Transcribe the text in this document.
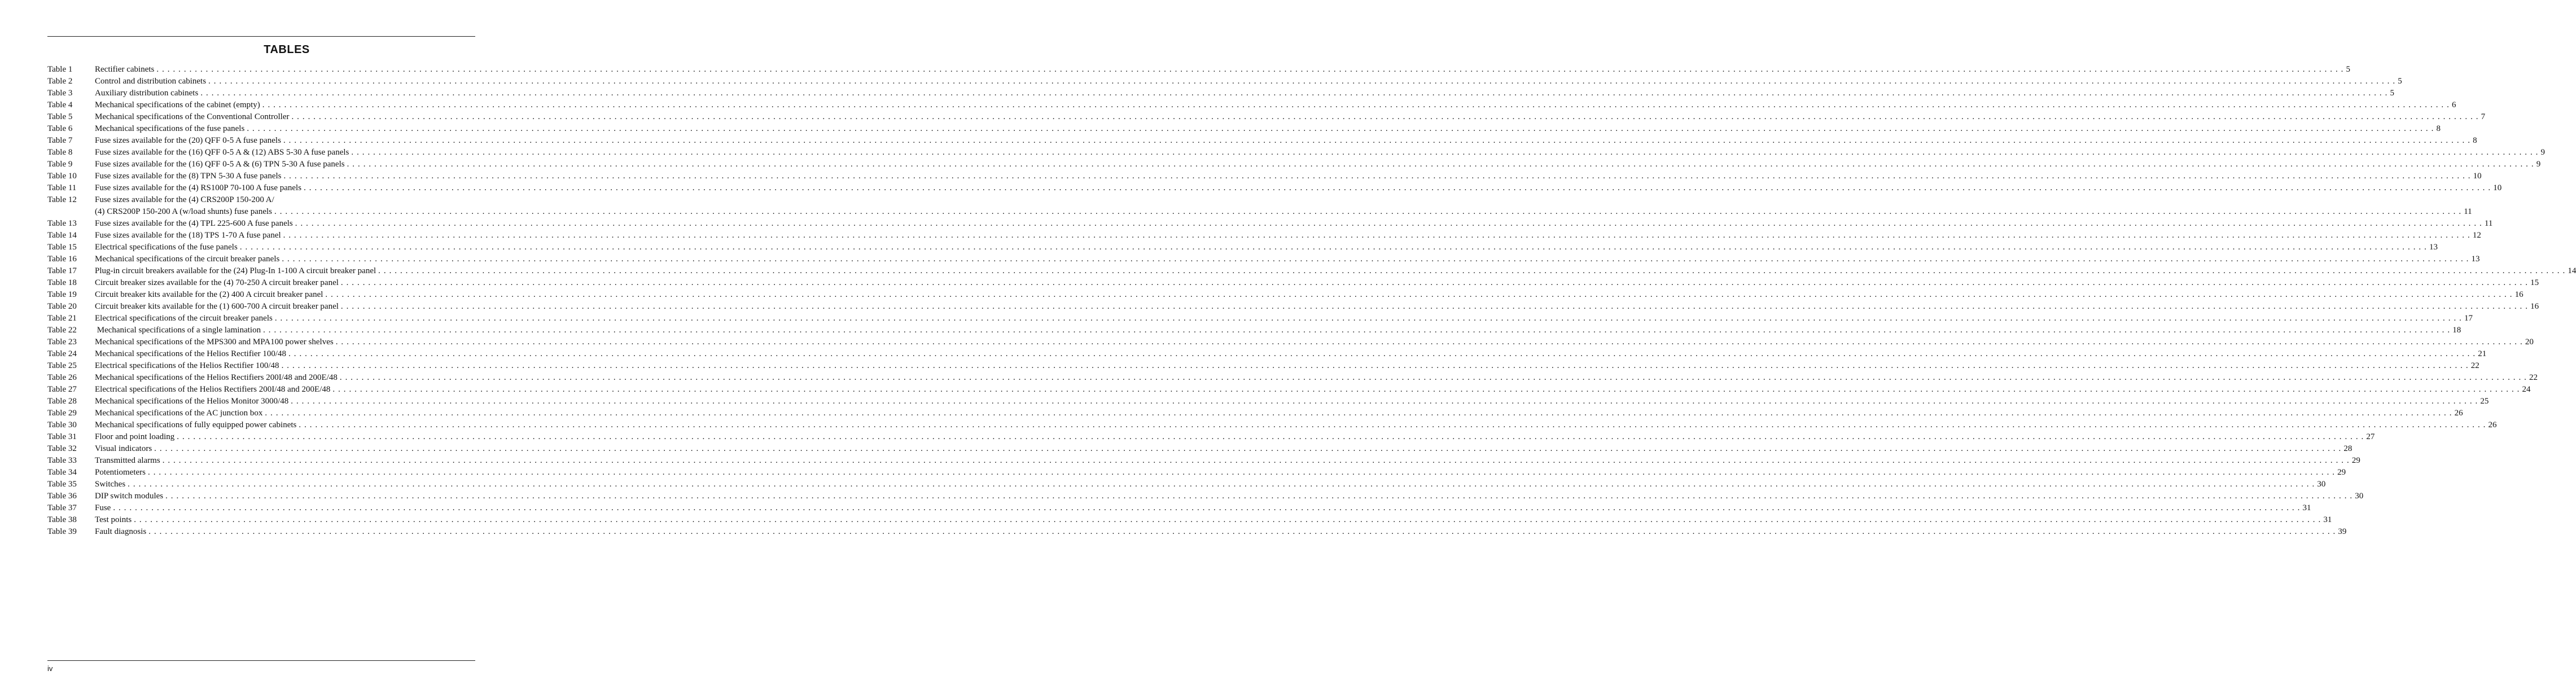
TABLES
Table 1	Rectifier cabinets . . . . . . . . . . . . . . . . . . . . . . . . . . . . . . . . . . . . . . . . . . . . . . . . . . . . . . . . . . . . . . . . . . . . . . . . . . . . . . . . . . . . . . . . . . . . . . . . . . . . . . . . . . . . . . . . . . . . . . . . . . . . . . . . . . . . . . . . . . . . . . . . . . . . . . . . . . . . . . . . . . . . . . . . . . . . . . . . . . . . . . . . . . . . . . . . . . . . . . . . . . . . . . . . . . . . . . . . . . . . . . . . . . . . . . . . . . . . . . . . . . . . . . . . . . . . . . . . . . . . . . . . . . . . . . . . . . . . . . . . . . . . . . . . . . . . . . . . . . . . . . . . . . . . . . . . . . . . . . . . . . . . . . . . . . . . . . . . . . . . . . . . . . . . . . . . . . . . . . . . . . . . . . . . . . . . . . . . . . . . . . . . . . . . . . . . . . . . . . . . 5
Table 2	Control and distribution cabinets . . . . . . . . . . . . . . . . . . . . . . . . . . . . . . . . . . . . . . . . . . . . . . . . . . . . . . . . . . . . . . . . . . . . . . . . . . . . . . . . . . . . . . . . . . . . . . . . . . . . . . . . . . . . . . . . . . . . . . . . . . . . . . . . . . . . . . . . . . . . . . . . . . . . . . . . . . . . . . . . . . . . . . . . . . . . . . . . . . . . . . . . . . . . . . . . . . . . . . . . . . . . . . . . . . . . . . . . . . . . . . . . . . . . . . . . . . . . . . . . . . . . . . . . . . . . . . . . . . . . . . . . . . . . . . . . . . . . . . . . . . . . . . . . . . . . . . . . . . . . . . . . . . . . . . . . . . . . . . . . . . . . . . . . . . . . . . . . . . . . . . . . . . . . . . . . . . . . . . . . . . . . . . . . . . . . . . . . . . . . . . . . . . . . . . . . . . . . . . . . 5
Table 3	Auxiliary distribution cabinets . . . . . . . . . . . . . . . . . . . . . . . . . . . . . . . . . . . . . . . . . . . . . . . . . . . . . . . . . . . . . . . . . . . . . . . . . . . . . . . . . . . . . . . . . . . . . . . . . . . . . . . . . . . . . . . . . . . . . . . . . . . . . . . . . . . . . . . . . . . . . . . . . . . . . . . . . . . . . . . . . . . . . . . . . . . . . . . . . . . . . . . . . . . . . . . . . . . . . . . . . . . . . . . . . . . . . . . . . . . . . . . . . . . . . . . . . . . . . . . . . . . . . . . . . . . . . . . . . . . . . . . . . . . . . . . . . . . . . . . . . . . . . . . . . . . . . . . . . . . . . . . . . . . . . . . . . . . . . . . . . . . . . . . . . . . . . . . . . . . . . . . . . . . . . . . . . . . . . . . . . . . . . . . . . . . . . . . . . . . . . . . . . . . . . . . . . . . . . . . . 5
Table 4	Mechanical specifications of the cabinet (empty) . . . . . . . . . . . . . . . . . . . . . . . . . . . . . . . . . . . . . . . . . . . . . . . . . . . . . . . . . . . . . . . . . . . . . . . . . . . . . . . . . . . . . . . . . . . . . . . . . . . . . . . . . . . . . . . . . . . . . . . . . . . . . . . . . . . . . . . . . . . . . . . . . . . . . . . . . . . . . . . . . . . . . . . . . . . . . . . . . . . . . . . . . . . . . . . . . . . . . . . . . . . . . . . . . . . . . . . . . . . . . . . . . . . . . . . . . . . . . . . . . . . . . . . . . . . . . . . . . . . . . . . . . . . . . . . . . . . . . . . . . . . . . . . . . . . . . . . . . . . . . . . . . . . . . . . . . . . . . . . . . . . . . . . . . . . . . . . . . . . . . . . . . . . . . . . . . . . . . . . . . . . . . . . . . . . . . . . . . . . . . . . . . . . . . . . . . . . . . . . . 6
Table 5	Mechanical specifications of the Conventional Controller . . . . . . . . . . . . . . . . . . . . . . . . . . . . . . . . . . . . . . . . . . . . . . . . . . . . . . . . . . . . . . . . . . . . . . . . . . . . . . . . . . . . . . . . . . . . . . . . . . . . . . . . . . . . . . . . . . . . . . . . . . . . . . . . . . . . . . . . . . . . . . . . . . . . . . . . . . . . . . . . . . . . . . . . . . . . . . . . . . . . . . . . . . . . . . . . . . . . . . . . . . . . . . . . . . . . . . . . . . . . . . . . . . . . . . . . . . . . . . . . . . . . . . . . . . . . . . . . . . . . . . . . . . . . . . . . . . . . . . . . . . . . . . . . . . . . . . . . . . . . . . . . . . . . . . . . . . . . . . . . . . . . . . . . . . . . . . . . . . . . . . . . . . . . . . . . . . . . . . . . . . . . . . . . . . . . . . . . . . . . . . . . . . . . . . . . . . . . . . . . 7
Table 6	Mechanical specifications of the fuse panels . . . . . . . . . . . . . . . . . . . . . . . . . . . . . . . . . . . . . . . . . . . . . . . . . . . . . . . . . . . . . . . . . . . . . . . . . . . . . . . . . . . . . . . . . . . . . . . . . . . . . . . . . . . . . . . . . . . . . . . . . . . . . . . . . . . . . . . . . . . . . . . . . . . . . . . . . . . . . . . . . . . . . . . . . . . . . . . . . . . . . . . . . . . . . . . . . . . . . . . . . . . . . . . . . . . . . . . . . . . . . . . . . . . . . . . . . . . . . . . . . . . . . . . . . . . . . . . . . . . . . . . . . . . . . . . . . . . . . . . . . . . . . . . . . . . . . . . . . . . . . . . . . . . . . . . . . . . . . . . . . . . . . . . . . . . . . . . . . . . . . . . . . . . . . . . . . . . . . . . . . . . . . . . . . . . . . . . . . . . . . . . . . . . . . . . . . . . . . . . . 8
Table 7	Fuse sizes available for the (20) QFF 0-5 A fuse panels . . . . . . . . . . . . . . . . . . . . . . . . . . . . . . . . . . . . . . . . . . . . . . . . . . . . . . . . . . . . . . . . . . . . . . . . . . . . . . . . . . . . . . . . . . . . . . . . . . . . . . . . . . . . . . . . . . . . . . . . . . . . . . . . . . . . . . . . . . . . . . . . . . . . . . . . . . . . . . . . . . . . . . . . . . . . . . . . . . . . . . . . . . . . . . . . . . . . . . . . . . . . . . . . . . . . . . . . . . . . . . . . . . . . . . . . . . . . . . . . . . . . . . . . . . . . . . . . . . . . . . . . . . . . . . . . . . . . . . . . . . . . . . . . . . . . . . . . . . . . . . . . . . . . . . . . . . . . . . . . . . . . . . . . . . . . . . . . . . . . . . . . . . . . . . . . . . . . . . . . . . . . . . . . . . . . . . . . . . . . . . . . . . . . . . . . . . . . . . . . 8
Table 8	Fuse sizes available for the (16) QFF 0-5 A & (12) ABS 5-30 A fuse panels . . . . . . . . . . . . . . . . . . . . . . . . . . . . . . . . . . . . . . . . . . . . . . . . . . . . . . . . . . . . . . . . . . . . . . . . . . . . . . . . . . . . . . . . . . . . . . . . . . . . . . . . . . . . . . . . . . . . . . . . . . . . . . . . . . . . . . . . . . . . . . . . . . . . . . . . . . . . . . . . . . . . . . . . . . . . . . . . . . . . . . . . . . . . . . . . . . . . . . . . . . . . . . . . . . . . . . . . . . . . . . . . . . . . . . . . . . . . . . . . . . . . . . . . . . . . . . . . . . . . . . . . . . . . . . . . . . . . . . . . . . . . . . . . . . . . . . . . . . . . . . . . . . . . . . . . . . . . . . . . . . . . . . . . . . . . . . . . . . . . . . . . . . . . . . . . . . . . . . . . . . . . . . . . . . . . . . . . . . . . . . . . . . . . . . . . . . . . . . . . 9
Table 9	Fuse sizes available for the (16) QFF 0-5 A & (6) TPN 5-30 A fuse panels . . . . . . . . . . . . . . . . . . . . . . . . . . . . . . . . . . . . . . . . . . . . . . . . . . . . . . . . . . . . . . . . . . . . . . . . . . . . . . . . . . . . . . . . . . . . . . . . . . . . . . . . . . . . . . . . . . . . . . . . . . . . . . . . . . . . . . . . . . . . . . . . . . . . . . . . . . . . . . . . . . . . . . . . . . . . . . . . . . . . . . . . . . . . . . . . . . . . . . . . . . . . . . . . . . . . . . . . . . . . . . . . . . . . . . . . . . . . . . . . . . . . . . . . . . . . . . . . . . . . . . . . . . . . . . . . . . . . . . . . . . . . . . . . . . . . . . . . . . . . . . . . . . . . . . . . . . . . . . . . . . . . . . . . . . . . . . . . . . . . . . . . . . . . . . . . . . . . . . . . . . . . . . . . . . . . . . . . . . . . . . . . . . . . . . . . . . . . . . . . 9
Table 10	Fuse sizes available for the (8) TPN 5-30 A fuse panels . . . . . . . . . . . . . . . . . . . . . . . . . . . . . . . . . . . . . . . . . . . . . . . . . . . . . . . . . . . . . . . . . . . . . . . . . . . . . . . . . . . . . . . . . . . . . . . . . . . . . . . . . . . . . . . . . . . . . . . . . . . . . . . . . . . . . . . . . . . . . . . . . . . . . . . . . . . . . . . . . . . . . . . . . . . . . . . . . . . . . . . . . . . . . . . . . . . . . . . . . . . . . . . . . . . . . . . . . . . . . . . . . . . . . . . . . . . . . . . . . . . . . . . . . . . . . . . . . . . . . . . . . . . . . . . . . . . . . . . . . . . . . . . . . . . . . . . . . . . . . . . . . . . . . . . . . . . . . . . . . . . . . . . . . . . . . . . . . . . . . . . . . . . . . . . . . . . . . . . . . . . . . . . . . . . . . . . . . . . . . . . . . . . . . . . . . . . . . . . . 10
Table 11	Fuse sizes available for the (4) RS100P 70-100 A fuse panels . . . . . . . . . . . . . . . . . . . . . . . . . . . . . . . . . . . . . . . . . . . . . . . . . . . . . . . . . . . . . . . . . . . . . . . . . . . . . . . . . . . . . . . . . . . . . . . . . . . . . . . . . . . . . . . . . . . . . . . . . . . . . . . . . . . . . . . . . . . . . . . . . . . . . . . . . . . . . . . . . . . . . . . . . . . . . . . . . . . . . . . . . . . . . . . . . . . . . . . . . . . . . . . . . . . . . . . . . . . . . . . . . . . . . . . . . . . . . . . . . . . . . . . . . . . . . . . . . . . . . . . . . . . . . . . . . . . . . . . . . . . . . . . . . . . . . . . . . . . . . . . . . . . . . . . . . . . . . . . . . . . . . . . . . . . . . . . . . . . . . . . . . . . . . . . . . . . . . . . . . . . . . . . . . . . . . . . . . . . . . . . . . . . . . . . . . . . . . . . . 10
Table 12	Fuse sizes available for the (4) CRS200P 150-200 A/
(4) CRS200P 150-200 A (w/load shunts) fuse panels . . . . . . . . . . . . . . . . . . . . . . . . . . . . . . . . . . . . . . . . . . . . . . . . . . . . . . . . . . . . . . . . . . . . . . . . . . . . . . . . . . . . . . . . . . . . . . . . . . . . . . . . . . . . . . . . . . . . . . . . . . . . . . . . . . . . . . . . . . . . . . . . . . . . . . . . . . . . . . . . . . . . . . . . . . . . . . . . . . . . . . . . . . . . . . . . . . . . . . . . . . . . . . . . . . . . . . . . . . . . . . . . . . . . . . . . . . . . . . . . . . . . . . . . . . . . . . . . . . . . . . . . . . . . . . . . . . . . . . . . . . . . . . . . . . . . . . . . . . . . . . . . . . . . . . . . . . . . . . . . . . . . . . . . . . . . . . . . . . . . . . . . . . . . . . . . . . . . . . . . . . . . . . . . . . . . . . . . . . . . . . . . . . . . . . . . . . . . . . . . 11
Table 13	Fuse sizes available for the (4) TPL 225-600 A fuse panels . . . . . . . . . . . . . . . . . . . . . . . . . . . . . . . . . . . . . . . . . . . . . . . . . . . . . . . . . . . . . . . . . . . . . . . . . . . . . . . . . . . . . . . . . . . . . . . . . . . . . . . . . . . . . . . . . . . . . . . . . . . . . . . . . . . . . . . . . . . . . . . . . . . . . . . . . . . . . . . . . . . . . . . . . . . . . . . . . . . . . . . . . . . . . . . . . . . . . . . . . . . . . . . . . . . . . . . . . . . . . . . . . . . . . . . . . . . . . . . . . . . . . . . . . . . . . . . . . . . . . . . . . . . . . . . . . . . . . . . . . . . . . . . . . . . . . . . . . . . . . . . . . . . . . . . . . . . . . . . . . . . . . . . . . . . . . . . . . . . . . . . . . . . . . . . . . . . . . . . . . . . . . . . . . . . . . . . . . . . . . . . . . . . . . . . . . . . . . . . . 11
Table 14	Fuse sizes available for the (18) TPS 1-70 A fuse panel . . . . . . . . . . . . . . . . . . . . . . . . . . . . . . . . . . . . . . . . . . . . . . . . . . . . . . . . . . . . . . . . . . . . . . . . . . . . . . . . . . . . . . . . . . . . . . . . . . . . . . . . . . . . . . . . . . . . . . . . . . . . . . . . . . . . . . . . . . . . . . . . . . . . . . . . . . . . . . . . . . . . . . . . . . . . . . . . . . . . . . . . . . . . . . . . . . . . . . . . . . . . . . . . . . . . . . . . . . . . . . . . . . . . . . . . . . . . . . . . . . . . . . . . . . . . . . . . . . . . . . . . . . . . . . . . . . . . . . . . . . . . . . . . . . . . . . . . . . . . . . . . . . . . . . . . . . . . . . . . . . . . . . . . . . . . . . . . . . . . . . . . . . . . . . . . . . . . . . . . . . . . . . . . . . . . . . . . . . . . . . . . . . . . . . . . . . . . . . . . 12
Table 15	Electrical specifications of the fuse panels . . . . . . . . . . . . . . . . . . . . . . . . . . . . . . . . . . . . . . . . . . . . . . . . . . . . . . . . . . . . . . . . . . . . . . . . . . . . . . . . . . . . . . . . . . . . . . . . . . . . . . . . . . . . . . . . . . . . . . . . . . . . . . . . . . . . . . . . . . . . . . . . . . . . . . . . . . . . . . . . . . . . . . . . . . . . . . . . . . . . . . . . . . . . . . . . . . . . . . . . . . . . . . . . . . . . . . . . . . . . . . . . . . . . . . . . . . . . . . . . . . . . . . . . . . . . . . . . . . . . . . . . . . . . . . . . . . . . . . . . . . . . . . . . . . . . . . . . . . . . . . . . . . . . . . . . . . . . . . . . . . . . . . . . . . . . . . . . . . . . . . . . . . . . . . . . . . . . . . . . . . . . . . . . . . . . . . . . . . . . . . . . . . . . . . . . . . . . . . . . 13
Table 16	Mechanical specifications of the circuit breaker panels . . . . . . . . . . . . . . . . . . . . . . . . . . . . . . . . . . . . . . . . . . . . . . . . . . . . . . . . . . . . . . . . . . . . . . . . . . . . . . . . . . . . . . . . . . . . . . . . . . . . . . . . . . . . . . . . . . . . . . . . . . . . . . . . . . . . . . . . . . . . . . . . . . . . . . . . . . . . . . . . . . . . . . . . . . . . . . . . . . . . . . . . . . . . . . . . . . . . . . . . . . . . . . . . . . . . . . . . . . . . . . . . . . . . . . . . . . . . . . . . . . . . . . . . . . . . . . . . . . . . . . . . . . . . . . . . . . . . . . . . . . . . . . . . . . . . . . . . . . . . . . . . . . . . . . . . . . . . . . . . . . . . . . . . . . . . . . . . . . . . . . . . . . . . . . . . . . . . . . . . . . . . . . . . . . . . . . . . . . . . . . . . . . . . . . . . . . . . . . . . 13
Table 17	Plug-in circuit breakers available for the (24) Plug-In 1-100 A circuit breaker panel . . . . . . . . . . . . . . . . . . . . . . . . . . . . . . . . . . . . . . . . . . . . . . . . . . . . . . . . . . . . . . . . . . . . . . . . . . . . . . . . . . . . . . . . . . . . . . . . . . . . . . . . . . . . . . . . . . . . . . . . . . . . . . . . . . . . . . . . . . . . . . . . . . . . . . . . . . . . . . . . . . . . . . . . . . . . . . . . . . . . . . . . . . . . . . . . . . . . . . . . . . . . . . . . . . . . . . . . . . . . . . . . . . . . . . . . . . . . . . . . . . . . . . . . . . . . . . . . . . . . . . . . . . . . . . . . . . . . . . . . . . . . . . . . . . . . . . . . . . . . . . . . . . . . . . . . . . . . . . . . . . . . . . . . . . . . . . . . . . . . . . . . . . . . . . . . . . . . . . . . . . . . . . . . . . . . . . . . . . . . . . . . . . . . . . . . . . . . . . . . 14
Table 18	Circuit breaker sizes available for the (4) 70-250 A circuit breaker panel . . . . . . . . . . . . . . . . . . . . . . . . . . . . . . . . . . . . . . . . . . . . . . . . . . . . . . . . . . . . . . . . . . . . . . . . . . . . . . . . . . . . . . . . . . . . . . . . . . . . . . . . . . . . . . . . . . . . . . . . . . . . . . . . . . . . . . . . . . . . . . . . . . . . . . . . . . . . . . . . . . . . . . . . . . . . . . . . . . . . . . . . . . . . . . . . . . . . . . . . . . . . . . . . . . . . . . . . . . . . . . . . . . . . . . . . . . . . . . . . . . . . . . . . . . . . . . . . . . . . . . . . . . . . . . . . . . . . . . . . . . . . . . . . . . . . . . . . . . . . . . . . . . . . . . . . . . . . . . . . . . . . . . . . . . . . . . . . . . . . . . . . . . . . . . . . . . . . . . . . . . . . . . . . . . . . . . . . . . . . . . . . . . . . . . . . . . . . . . . . 15
Table 19	Circuit breaker kits available for the (2) 400 A circuit breaker panel . . . . . . . . . . . . . . . . . . . . . . . . . . . . . . . . . . . . . . . . . . . . . . . . . . . . . . . . . . . . . . . . . . . . . . . . . . . . . . . . . . . . . . . . . . . . . . . . . . . . . . . . . . . . . . . . . . . . . . . . . . . . . . . . . . . . . . . . . . . . . . . . . . . . . . . . . . . . . . . . . . . . . . . . . . . . . . . . . . . . . . . . . . . . . . . . . . . . . . . . . . . . . . . . . . . . . . . . . . . . . . . . . . . . . . . . . . . . . . . . . . . . . . . . . . . . . . . . . . . . . . . . . . . . . . . . . . . . . . . . . . . . . . . . . . . . . . . . . . . . . . . . . . . . . . . . . . . . . . . . . . . . . . . . . . . . . . . . . . . . . . . . . . . . . . . . . . . . . . . . . . . . . . . . . . . . . . . . . . . . . . . . . . . . . . . . . . . . . . . . 16
Table 20	Circuit breaker kits available for the (1) 600-700 A circuit breaker panel . . . . . . . . . . . . . . . . . . . . . . . . . . . . . . . . . . . . . . . . . . . . . . . . . . . . . . . . . . . . . . . . . . . . . . . . . . . . . . . . . . . . . . . . . . . . . . . . . . . . . . . . . . . . . . . . . . . . . . . . . . . . . . . . . . . . . . . . . . . . . . . . . . . . . . . . . . . . . . . . . . . . . . . . . . . . . . . . . . . . . . . . . . . . . . . . . . . . . . . . . . . . . . . . . . . . . . . . . . . . . . . . . . . . . . . . . . . . . . . . . . . . . . . . . . . . . . . . . . . . . . . . . . . . . . . . . . . . . . . . . . . . . . . . . . . . . . . . . . . . . . . . . . . . . . . . . . . . . . . . . . . . . . . . . . . . . . . . . . . . . . . . . . . . . . . . . . . . . . . . . . . . . . . . . . . . . . . . . . . . . . . . . . . . . . . . . . . . . . . . 16
Table 21	Electrical specifications of the circuit breaker panels . . . . . . . . . . . . . . . . . . . . . . . . . . . . . . . . . . . . . . . . . . . . . . . . . . . . . . . . . . . . . . . . . . . . . . . . . . . . . . . . . . . . . . . . . . . . . . . . . . . . . . . . . . . . . . . . . . . . . . . . . . . . . . . . . . . . . . . . . . . . . . . . . . . . . . . . . . . . . . . . . . . . . . . . . . . . . . . . . . . . . . . . . . . . . . . . . . . . . . . . . . . . . . . . . . . . . . . . . . . . . . . . . . . . . . . . . . . . . . . . . . . . . . . . . . . . . . . . . . . . . . . . . . . . . . . . . . . . . . . . . . . . . . . . . . . . . . . . . . . . . . . . . . . . . . . . . . . . . . . . . . . . . . . . . . . . . . . . . . . . . . . . . . . . . . . . . . . . . . . . . . . . . . . . . . . . . . . . . . . . . . . . . . . . . . . . . . . . . . . . 17
Table 22	Mechanical specifications of a single lamination . . . . . . . . . . . . . . . . . . . . . . . . . . . . . . . . . . . . . . . . . . . . . . . . . . . . . . . . . . . . . . . . . . . . . . . . . . . . . . . . . . . . . . . . . . . . . . . . . . . . . . . . . . . . . . . . . . . . . . . . . . . . . . . . . . . . . . . . . . . . . . . . . . . . . . . . . . . . . . . . . . . . . . . . . . . . . . . . . . . . . . . . . . . . . . . . . . . . . . . . . . . . . . . . . . . . . . . . . . . . . . . . . . . . . . . . . . . . . . . . . . . . . . . . . . . . . . . . . . . . . . . . . . . . . . . . . . . . . . . . . . . . . . . . . . . . . . . . . . . . . . . . . . . . . . . . . . . . . . . . . . . . . . . . . . . . . . . . . . . . . . . . . . . . . . . . . . . . . . . . . . . . . . . . . . . . . . . . . . . . . . . . . . . . . . . . . . . . . . . . 18
Table 23	Mechanical specifications of the MPS300 and MPA100 power shelves . . . . . . . . . . . . . . . . . . . . . . . . . . . . . . . . . . . . . . . . . . . . . . . . . . . . . . . . . . . . . . . . . . . . . . . . . . . . . . . . . . . . . . . . . . . . . . . . . . . . . . . . . . . . . . . . . . . . . . . . . . . . . . . . . . . . . . . . . . . . . . . . . . . . . . . . . . . . . . . . . . . . . . . . . . . . . . . . . . . . . . . . . . . . . . . . . . . . . . . . . . . . . . . . . . . . . . . . . . . . . . . . . . . . . . . . . . . . . . . . . . . . . . . . . . . . . . . . . . . . . . . . . . . . . . . . . . . . . . . . . . . . . . . . . . . . . . . . . . . . . . . . . . . . . . . . . . . . . . . . . . . . . . . . . . . . . . . . . . . . . . . . . . . . . . . . . . . . . . . . . . . . . . . . . . . . . . . . . . . . . . . . . . . . . . . . . . . . . . . . 20
Table 24	Mechanical specifications of the Helios Rectifier 100/48 . . . . . . . . . . . . . . . . . . . . . . . . . . . . . . . . . . . . . . . . . . . . . . . . . . . . . . . . . . . . . . . . . . . . . . . . . . . . . . . . . . . . . . . . . . . . . . . . . . . . . . . . . . . . . . . . . . . . . . . . . . . . . . . . . . . . . . . . . . . . . . . . . . . . . . . . . . . . . . . . . . . . . . . . . . . . . . . . . . . . . . . . . . . . . . . . . . . . . . . . . . . . . . . . . . . . . . . . . . . . . . . . . . . . . . . . . . . . . . . . . . . . . . . . . . . . . . . . . . . . . . . . . . . . . . . . . . . . . . . . . . . . . . . . . . . . . . . . . . . . . . . . . . . . . . . . . . . . . . . . . . . . . . . . . . . . . . . . . . . . . . . . . . . . . . . . . . . . . . . . . . . . . . . . . . . . . . . . . . . . . . . . . . . . . . . . . . . . . . . . 21
Table 25	Electrical specifications of the Helios Rectifier 100/48 . . . . . . . . . . . . . . . . . . . . . . . . . . . . . . . . . . . . . . . . . . . . . . . . . . . . . . . . . . . . . . . . . . . . . . . . . . . . . . . . . . . . . . . . . . . . . . . . . . . . . . . . . . . . . . . . . . . . . . . . . . . . . . . . . . . . . . . . . . . . . . . . . . . . . . . . . . . . . . . . . . . . . . . . . . . . . . . . . . . . . . . . . . . . . . . . . . . . . . . . . . . . . . . . . . . . . . . . . . . . . . . . . . . . . . . . . . . . . . . . . . . . . . . . . . . . . . . . . . . . . . . . . . . . . . . . . . . . . . . . . . . . . . . . . . . . . . . . . . . . . . . . . . . . . . . . . . . . . . . . . . . . . . . . . . . . . . . . . . . . . . . . . . . . . . . . . . . . . . . . . . . . . . . . . . . . . . . . . . . . . . . . . . . . . . . . . . . . . . . . 22
Table 26	Mechanical specifications of the Helios Rectifiers 200I/48 and 200E/48 . . . . . . . . . . . . . . . . . . . . . . . . . . . . . . . . . . . . . . . . . . . . . . . . . . . . . . . . . . . . . . . . . . . . . . . . . . . . . . . . . . . . . . . . . . . . . . . . . . . . . . . . . . . . . . . . . . . . . . . . . . . . . . . . . . . . . . . . . . . . . . . . . . . . . . . . . . . . . . . . . . . . . . . . . . . . . . . . . . . . . . . . . . . . . . . . . . . . . . . . . . . . . . . . . . . . . . . . . . . . . . . . . . . . . . . . . . . . . . . . . . . . . . . . . . . . . . . . . . . . . . . . . . . . . . . . . . . . . . . . . . . . . . . . . . . . . . . . . . . . . . . . . . . . . . . . . . . . . . . . . . . . . . . . . . . . . . . . . . . . . . . . . . . . . . . . . . . . . . . . . . . . . . . . . . . . . . . . . . . . . . . . . . . . . . . . . . . . . . . . 22
Table 27	Electrical specifications of the Helios Rectifiers 200I/48 and 200E/48 . . . . . . . . . . . . . . . . . . . . . . . . . . . . . . . . . . . . . . . . . . . . . . . . . . . . . . . . . . . . . . . . . . . . . . . . . . . . . . . . . . . . . . . . . . . . . . . . . . . . . . . . . . . . . . . . . . . . . . . . . . . . . . . . . . . . . . . . . . . . . . . . . . . . . . . . . . . . . . . . . . . . . . . . . . . . . . . . . . . . . . . . . . . . . . . . . . . . . . . . . . . . . . . . . . . . . . . . . . . . . . . . . . . . . . . . . . . . . . . . . . . . . . . . . . . . . . . . . . . . . . . . . . . . . . . . . . . . . . . . . . . . . . . . . . . . . . . . . . . . . . . . . . . . . . . . . . . . . . . . . . . . . . . . . . . . . . . . . . . . . . . . . . . . . . . . . . . . . . . . . . . . . . . . . . . . . . . . . . . . . . . . . . . . . . . . . . . . . . . . 24
Table 28	Mechanical specifications of the Helios Monitor 3000/48 . . . . . . . . . . . . . . . . . . . . . . . . . . . . . . . . . . . . . . . . . . . . . . . . . . . . . . . . . . . . . . . . . . . . . . . . . . . . . . . . . . . . . . . . . . . . . . . . . . . . . . . . . . . . . . . . . . . . . . . . . . . . . . . . . . . . . . . . . . . . . . . . . . . . . . . . . . . . . . . . . . . . . . . . . . . . . . . . . . . . . . . . . . . . . . . . . . . . . . . . . . . . . . . . . . . . . . . . . . . . . . . . . . . . . . . . . . . . . . . . . . . . . . . . . . . . . . . . . . . . . . . . . . . . . . . . . . . . . . . . . . . . . . . . . . . . . . . . . . . . . . . . . . . . . . . . . . . . . . . . . . . . . . . . . . . . . . . . . . . . . . . . . . . . . . . . . . . . . . . . . . . . . . . . . . . . . . . . . . . . . . . . . . . . . . . . . . . . . . . . 25
Table 29	Mechanical specifications of the AC junction box . . . . . . . . . . . . . . . . . . . . . . . . . . . . . . . . . . . . . . . . . . . . . . . . . . . . . . . . . . . . . . . . . . . . . . . . . . . . . . . . . . . . . . . . . . . . . . . . . . . . . . . . . . . . . . . . . . . . . . . . . . . . . . . . . . . . . . . . . . . . . . . . . . . . . . . . . . . . . . . . . . . . . . . . . . . . . . . . . . . . . . . . . . . . . . . . . . . . . . . . . . . . . . . . . . . . . . . . . . . . . . . . . . . . . . . . . . . . . . . . . . . . . . . . . . . . . . . . . . . . . . . . . . . . . . . . . . . . . . . . . . . . . . . . . . . . . . . . . . . . . . . . . . . . . . . . . . . . . . . . . . . . . . . . . . . . . . . . . . . . . . . . . . . . . . . . . . . . . . . . . . . . . . . . . . . . . . . . . . . . . . . . . . . . . . . . . . . . . . . . 26
Table 30	Mechanical specifications of fully equipped power cabinets . . . . . . . . . . . . . . . . . . . . . . . . . . . . . . . . . . . . . . . . . . . . . . . . . . . . . . . . . . . . . . . . . . . . . . . . . . . . . . . . . . . . . . . . . . . . . . . . . . . . . . . . . . . . . . . . . . . . . . . . . . . . . . . . . . . . . . . . . . . . . . . . . . . . . . . . . . . . . . . . . . . . . . . . . . . . . . . . . . . . . . . . . . . . . . . . . . . . . . . . . . . . . . . . . . . . . . . . . . . . . . . . . . . . . . . . . . . . . . . . . . . . . . . . . . . . . . . . . . . . . . . . . . . . . . . . . . . . . . . . . . . . . . . . . . . . . . . . . . . . . . . . . . . . . . . . . . . . . . . . . . . . . . . . . . . . . . . . . . . . . . . . . . . . . . . . . . . . . . . . . . . . . . . . . . . . . . . . . . . . . . . . . . . . . . . . . . . . . . . . 26
Table 31	Floor and point loading . . . . . . . . . . . . . . . . . . . . . . . . . . . . . . . . . . . . . . . . . . . . . . . . . . . . . . . . . . . . . . . . . . . . . . . . . . . . . . . . . . . . . . . . . . . . . . . . . . . . . . . . . . . . . . . . . . . . . . . . . . . . . . . . . . . . . . . . . . . . . . . . . . . . . . . . . . . . . . . . . . . . . . . . . . . . . . . . . . . . . . . . . . . . . . . . . . . . . . . . . . . . . . . . . . . . . . . . . . . . . . . . . . . . . . . . . . . . . . . . . . . . . . . . . . . . . . . . . . . . . . . . . . . . . . . . . . . . . . . . . . . . . . . . . . . . . . . . . . . . . . . . . . . . . . . . . . . . . . . . . . . . . . . . . . . . . . . . . . . . . . . . . . . . . . . . . . . . . . . . . . . . . . . . . . . . . . . . . . . . . . . . . . . . . . . . . . . . . . . . 27
Table 32	Visual indicators . . . . . . . . . . . . . . . . . . . . . . . . . . . . . . . . . . . . . . . . . . . . . . . . . . . . . . . . . . . . . . . . . . . . . . . . . . . . . . . . . . . . . . . . . . . . . . . . . . . . . . . . . . . . . . . . . . . . . . . . . . . . . . . . . . . . . . . . . . . . . . . . . . . . . . . . . . . . . . . . . . . . . . . . . . . . . . . . . . . . . . . . . . . . . . . . . . . . . . . . . . . . . . . . . . . . . . . . . . . . . . . . . . . . . . . . . . . . . . . . . . . . . . . . . . . . . . . . . . . . . . . . . . . . . . . . . . . . . . . . . . . . . . . . . . . . . . . . . . . . . . . . . . . . . . . . . . . . . . . . . . . . . . . . . . . . . . . . . . . . . . . . . . . . . . . . . . . . . . . . . . . . . . . . . . . . . . . . . . . . . . . . . . . . . . . . . . . . . . . . 28
Table 33	Transmitted alarms . . . . . . . . . . . . . . . . . . . . . . . . . . . . . . . . . . . . . . . . . . . . . . . . . . . . . . . . . . . . . . . . . . . . . . . . . . . . . . . . . . . . . . . . . . . . . . . . . . . . . . . . . . . . . . . . . . . . . . . . . . . . . . . . . . . . . . . . . . . . . . . . . . . . . . . . . . . . . . . . . . . . . . . . . . . . . . . . . . . . . . . . . . . . . . . . . . . . . . . . . . . . . . . . . . . . . . . . . . . . . . . . . . . . . . . . . . . . . . . . . . . . . . . . . . . . . . . . . . . . . . . . . . . . . . . . . . . . . . . . . . . . . . . . . . . . . . . . . . . . . . . . . . . . . . . . . . . . . . . . . . . . . . . . . . . . . . . . . . . . . . . . . . . . . . . . . . . . . . . . . . . . . . . . . . . . . . . . . . . . . . . . . . . . . . . . . . . . . . . . 29
Table 34	Potentiometers . . . . . . . . . . . . . . . . . . . . . . . . . . . . . . . . . . . . . . . . . . . . . . . . . . . . . . . . . . . . . . . . . . . . . . . . . . . . . . . . . . . . . . . . . . . . . . . . . . . . . . . . . . . . . . . . . . . . . . . . . . . . . . . . . . . . . . . . . . . . . . . . . . . . . . . . . . . . . . . . . . . . . . . . . . . . . . . . . . . . . . . . . . . . . . . . . . . . . . . . . . . . . . . . . . . . . . . . . . . . . . . . . . . . . . . . . . . . . . . . . . . . . . . . . . . . . . . . . . . . . . . . . . . . . . . . . . . . . . . . . . . . . . . . . . . . . . . . . . . . . . . . . . . . . . . . . . . . . . . . . . . . . . . . . . . . . . . . . . . . . . . . . . . . . . . . . . . . . . . . . . . . . . . . . . . . . . . . . . . . . . . . . . . . . . . . . . . . . . . . 29
Table 35	Switches . . . . . . . . . . . . . . . . . . . . . . . . . . . . . . . . . . . . . . . . . . . . . . . . . . . . . . . . . . . . . . . . . . . . . . . . . . . . . . . . . . . . . . . . . . . . . . . . . . . . . . . . . . . . . . . . . . . . . . . . . . . . . . . . . . . . . . . . . . . . . . . . . . . . . . . . . . . . . . . . . . . . . . . . . . . . . . . . . . . . . . . . . . . . . . . . . . . . . . . . . . . . . . . . . . . . . . . . . . . . . . . . . . . . . . . . . . . . . . . . . . . . . . . . . . . . . . . . . . . . . . . . . . . . . . . . . . . . . . . . . . . . . . . . . . . . . . . . . . . . . . . . . . . . . . . . . . . . . . . . . . . . . . . . . . . . . . . . . . . . . . . . . . . . . . . . . . . . . . . . . . . . . . . . . . . . . . . . . . . . . . . . . . . . . . . . . . . . . . . . 30
Table 36	DIP switch modules . . . . . . . . . . . . . . . . . . . . . . . . . . . . . . . . . . . . . . . . . . . . . . . . . . . . . . . . . . . . . . . . . . . . . . . . . . . . . . . . . . . . . . . . . . . . . . . . . . . . . . . . . . . . . . . . . . . . . . . . . . . . . . . . . . . . . . . . . . . . . . . . . . . . . . . . . . . . . . . . . . . . . . . . . . . . . . . . . . . . . . . . . . . . . . . . . . . . . . . . . . . . . . . . . . . . . . . . . . . . . . . . . . . . . . . . . . . . . . . . . . . . . . . . . . . . . . . . . . . . . . . . . . . . . . . . . . . . . . . . . . . . . . . . . . . . . . . . . . . . . . . . . . . . . . . . . . . . . . . . . . . . . . . . . . . . . . . . . . . . . . . . . . . . . . . . . . . . . . . . . . . . . . . . . . . . . . . . . . . . . . . . . . . . . . . . . . . . . . . . 30
Table 37	Fuse . . . . . . . . . . . . . . . . . . . . . . . . . . . . . . . . . . . . . . . . . . . . . . . . . . . . . . . . . . . . . . . . . . . . . . . . . . . . . . . . . . . . . . . . . . . . . . . . . . . . . . . . . . . . . . . . . . . . . . . . . . . . . . . . . . . . . . . . . . . . . . . . . . . . . . . . . . . . . . . . . . . . . . . . . . . . . . . . . . . . . . . . . . . . . . . . . . . . . . . . . . . . . . . . . . . . . . . . . . . . . . . . . . . . . . . . . . . . . . . . . . . . . . . . . . . . . . . . . . . . . . . . . . . . . . . . . . . . . . . . . . . . . . . . . . . . . . . . . . . . . . . . . . . . . . . . . . . . . . . . . . . . . . . . . . . . . . . . . . . . . . . . . . . . . . . . . . . . . . . . . . . . . . . . . . . . . . . . . . . . . . . . . . . . . . . . . . . . . . . . 31
Table 38	Test points . . . . . . . . . . . . . . . . . . . . . . . . . . . . . . . . . . . . . . . . . . . . . . . . . . . . . . . . . . . . . . . . . . . . . . . . . . . . . . . . . . . . . . . . . . . . . . . . . . . . . . . . . . . . . . . . . . . . . . . . . . . . . . . . . . . . . . . . . . . . . . . . . . . . . . . . . . . . . . . . . . . . . . . . . . . . . . . . . . . . . . . . . . . . . . . . . . . . . . . . . . . . . . . . . . . . . . . . . . . . . . . . . . . . . . . . . . . . . . . . . . . . . . . . . . . . . . . . . . . . . . . . . . . . . . . . . . . . . . . . . . . . . . . . . . . . . . . . . . . . . . . . . . . . . . . . . . . . . . . . . . . . . . . . . . . . . . . . . . . . . . . . . . . . . . . . . . . . . . . . . . . . . . . . . . . . . . . . . . . . . . . . . . . . . . . . . . . . . . . . 31
Table 39	Fault diagnosis . . . . . . . . . . . . . . . . . . . . . . . . . . . . . . . . . . . . . . . . . . . . . . . . . . . . . . . . . . . . . . . . . . . . . . . . . . . . . . . . . . . . . . . . . . . . . . . . . . . . . . . . . . . . . . . . . . . . . . . . . . . . . . . . . . . . . . . . . . . . . . . . . . . . . . . . . . . . . . . . . . . . . . . . . . . . . . . . . . . . . . . . . . . . . . . . . . . . . . . . . . . . . . . . . . . . . . . . . . . . . . . . . . . . . . . . . . . . . . . . . . . . . . . . . . . . . . . . . . . . . . . . . . . . . . . . . . . . . . . . . . . . . . . . . . . . . . . . . . . . . . . . . . . . . . . . . . . . . . . . . . . . . . . . . . . . . . . . . . . . . . . . . . . . . . . . . . . . . . . . . . . . . . . . . . . . . . . . . . . . . . . . . . . . . . . . . . . . . . . . 39
iv
